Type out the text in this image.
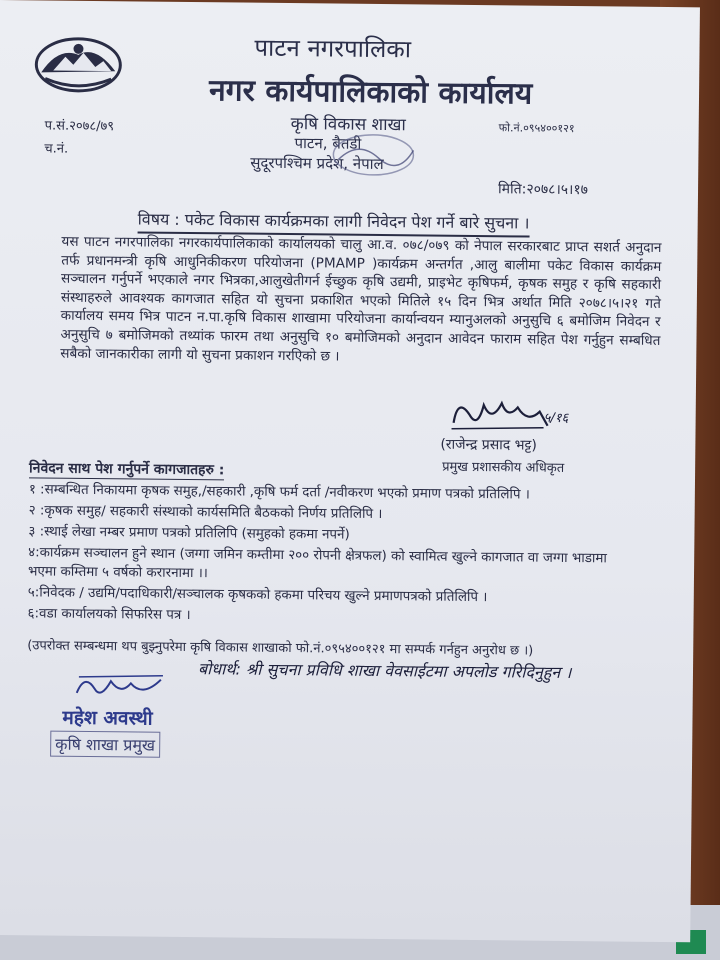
पाटन नगरपालिका
नगर कार्यपालिकाको कार्यालय
कृषि विकास शाखा
पाटन, बैतडी
सुदूरपश्चिम प्रदेश, नेपाल
प.सं.२०७८/७९
च.नं.
फो.नं.०९५४००१२१
मिति:२०७८।५।१७
विषय : पकेट विकास कार्यक्रमका लागी निवेदन पेश गर्ने बारे सुचना ।
यस पाटन नगरपालिका नगरकार्यपालिकाको कार्यालयको चालु आ.व. ०७८/०७९ को नेपाल सरकारबाट प्राप्त सशर्त अनुदान तर्फ प्रधानमन्त्री कृषि आधुनिकीकरण परियोजना (PMAMP )कार्यक्रम अन्तर्गत ,आलु बालीमा पकेट विकास कार्यक्रम सञ्चालन गर्नुपर्ने भएकाले नगर भित्रका,आलुखेतीगर्न ईच्छुक कृषि उद्यमी, प्राइभेट कृषिफर्म, कृषक समुह र कृषि सहकारी संस्थाहरुले आवश्यक कागजात सहित यो सुचना प्रकाशित भएको मितिले १५ दिन भित्र अर्थात मिति २०७८।५।२१ गते कार्यालय समय भित्र पाटन न.पा.कृषि विकास शाखामा परियोजना कार्यान्वयन म्यानुअलको अनुसुचि ६ बमोजिम निवेदन र अनुसुचि ७ बमोजिमको तथ्यांक फारम तथा अनुसुचि १० बमोजिमको अनुदान आवेदन फाराम सहित पेश गर्नुहुन सम्बधित सबैको जानकारीका लागी यो सुचना प्रकाशन गरएिको छ ।
५/१६
(राजेन्द्र प्रसाद भट्ट)
प्रमुख प्रशासकीय अधिकृत
निवेदन साथ पेश गर्नुपर्ने कागजातहरु :
१ :सम्बन्धित निकायमा कृषक समुह,/सहकारी ,कृषि फर्म दर्ता /नवीकरण भएको प्रमाण पत्रको प्रतिलिपि ।
२ :कृषक समुह/ सहकारी संस्थाको कार्यसमिति बैठकको निर्णय प्रतिलिपि ।
३ :स्थाई लेखा नम्बर प्रमाण पत्रको प्रतिलिपि (समुहको हकमा नपर्ने)
४:कार्यक्रम सञ्चालन हुने स्थान (जग्गा जमिन कम्तीमा २०० रोपनी क्षेत्रफल) को स्वामित्व खुल्ने कागजात वा जग्गा भाडामा भएमा कम्तिमा ५ वर्षको करारनामा ।।
५:निवेदक / उद्यमि/पदाधिकारी/सञ्चालक कृषकको हकमा परिचय खुल्ने प्रमाणपत्रको प्रतिलिपि ।
६:वडा कार्यालयको सिफरिस पत्र ।
(उपरोक्त सम्बन्धमा थप बुझ्नुपरेमा कृषि विकास शाखाको फो.नं.०९५४००१२१ मा सम्पर्क गर्नहुन अनुरोध छ ।)
बोधार्थ: श्री सुचना प्रविधि शाखा वेवसाईटमा अपलोड गरिदिनुहुन ।
महेश अवस्थी
कृषि शाखा प्रमुख
